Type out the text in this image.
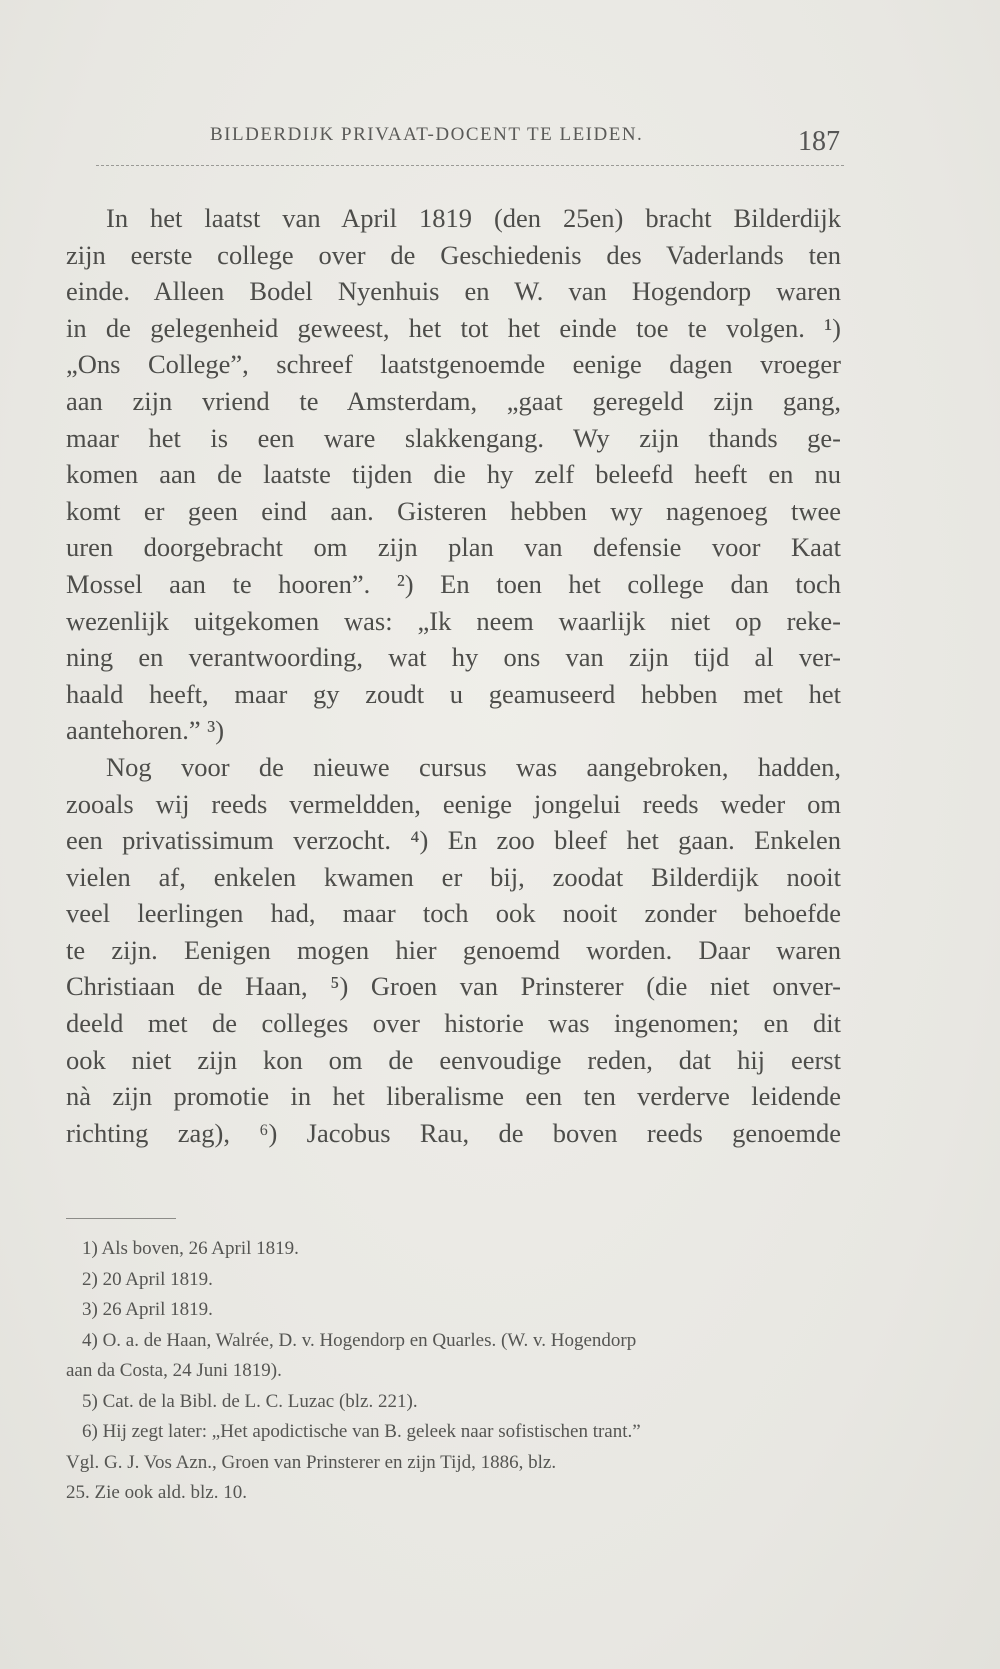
BILDERDIJK PRIVAAT-DOCENT TE LEIDEN.	187

In het laatst van April 1819 (den 25en) bracht Bilderdijk

zijn eerste college over de Geschiedenis des Vaderlands ten

einde. Alleen Bodel Nyenhuis en W. van Hogendorp waren

in de gelegenheid geweest, het tot het einde toe te volgen. ¹)

„Ons College”, schreef laatstgenoemde eenige dagen vroeger

aan zijn vriend te Amsterdam, „gaat geregeld zijn gang,

maar het is een ware slakkengang. Wy zijn thands ge-

komen aan de laatste tijden die hy zelf beleefd heeft en nu

komt er geen eind aan. Gisteren hebben wy nagenoeg twee

uren doorgebracht om zijn plan van defensie voor Kaat

Mossel aan te hooren”. ²) En toen het college dan toch

wezenlijk uitgekomen was: „Ik neem waarlijk niet op reke-

ning en verantwoording, wat hy ons van zijn tijd al ver-

haald heeft, maar gy zoudt u geamuseerd hebben met het

aantehoren.” ³)

Nog voor de nieuwe cursus was aangebroken, hadden,

zooals wij reeds vermeldden, eenige jongelui reeds weder om

een privatissimum verzocht. ⁴) En zoo bleef het gaan. Enkelen

vielen af, enkelen kwamen er bij, zoodat Bilderdijk nooit

veel leerlingen had, maar toch ook nooit zonder behoefde

te zijn. Eenigen mogen hier genoemd worden. Daar waren

Christiaan de Haan, ⁵) Groen van Prinsterer (die niet onver-

deeld met de colleges over historie was ingenomen; en dit

ook niet zijn kon om de eenvoudige reden, dat hij eerst

nà zijn promotie in het liberalisme een ten verderve leidende

richting zag), ⁶) Jacobus Rau, de boven reeds genoemde

1) Als boven, 26 April 1819.

2) 20 April 1819.

3) 26 April 1819.

4) O. a. de Haan, Walrée, D. v. Hogendorp en Quarles. (W. v. Hogendorp

aan da Costa, 24 Juni 1819).

5) Cat. de la Bibl. de L. C. Luzac (blz. 221).

6) Hij zegt later: „Het apodictische van B. geleek naar sofistischen trant.”

Vgl. G. J. Vos Azn., Groen van Prinsterer en zijn Tijd, 1886, blz.

25. Zie ook ald. blz. 10.
